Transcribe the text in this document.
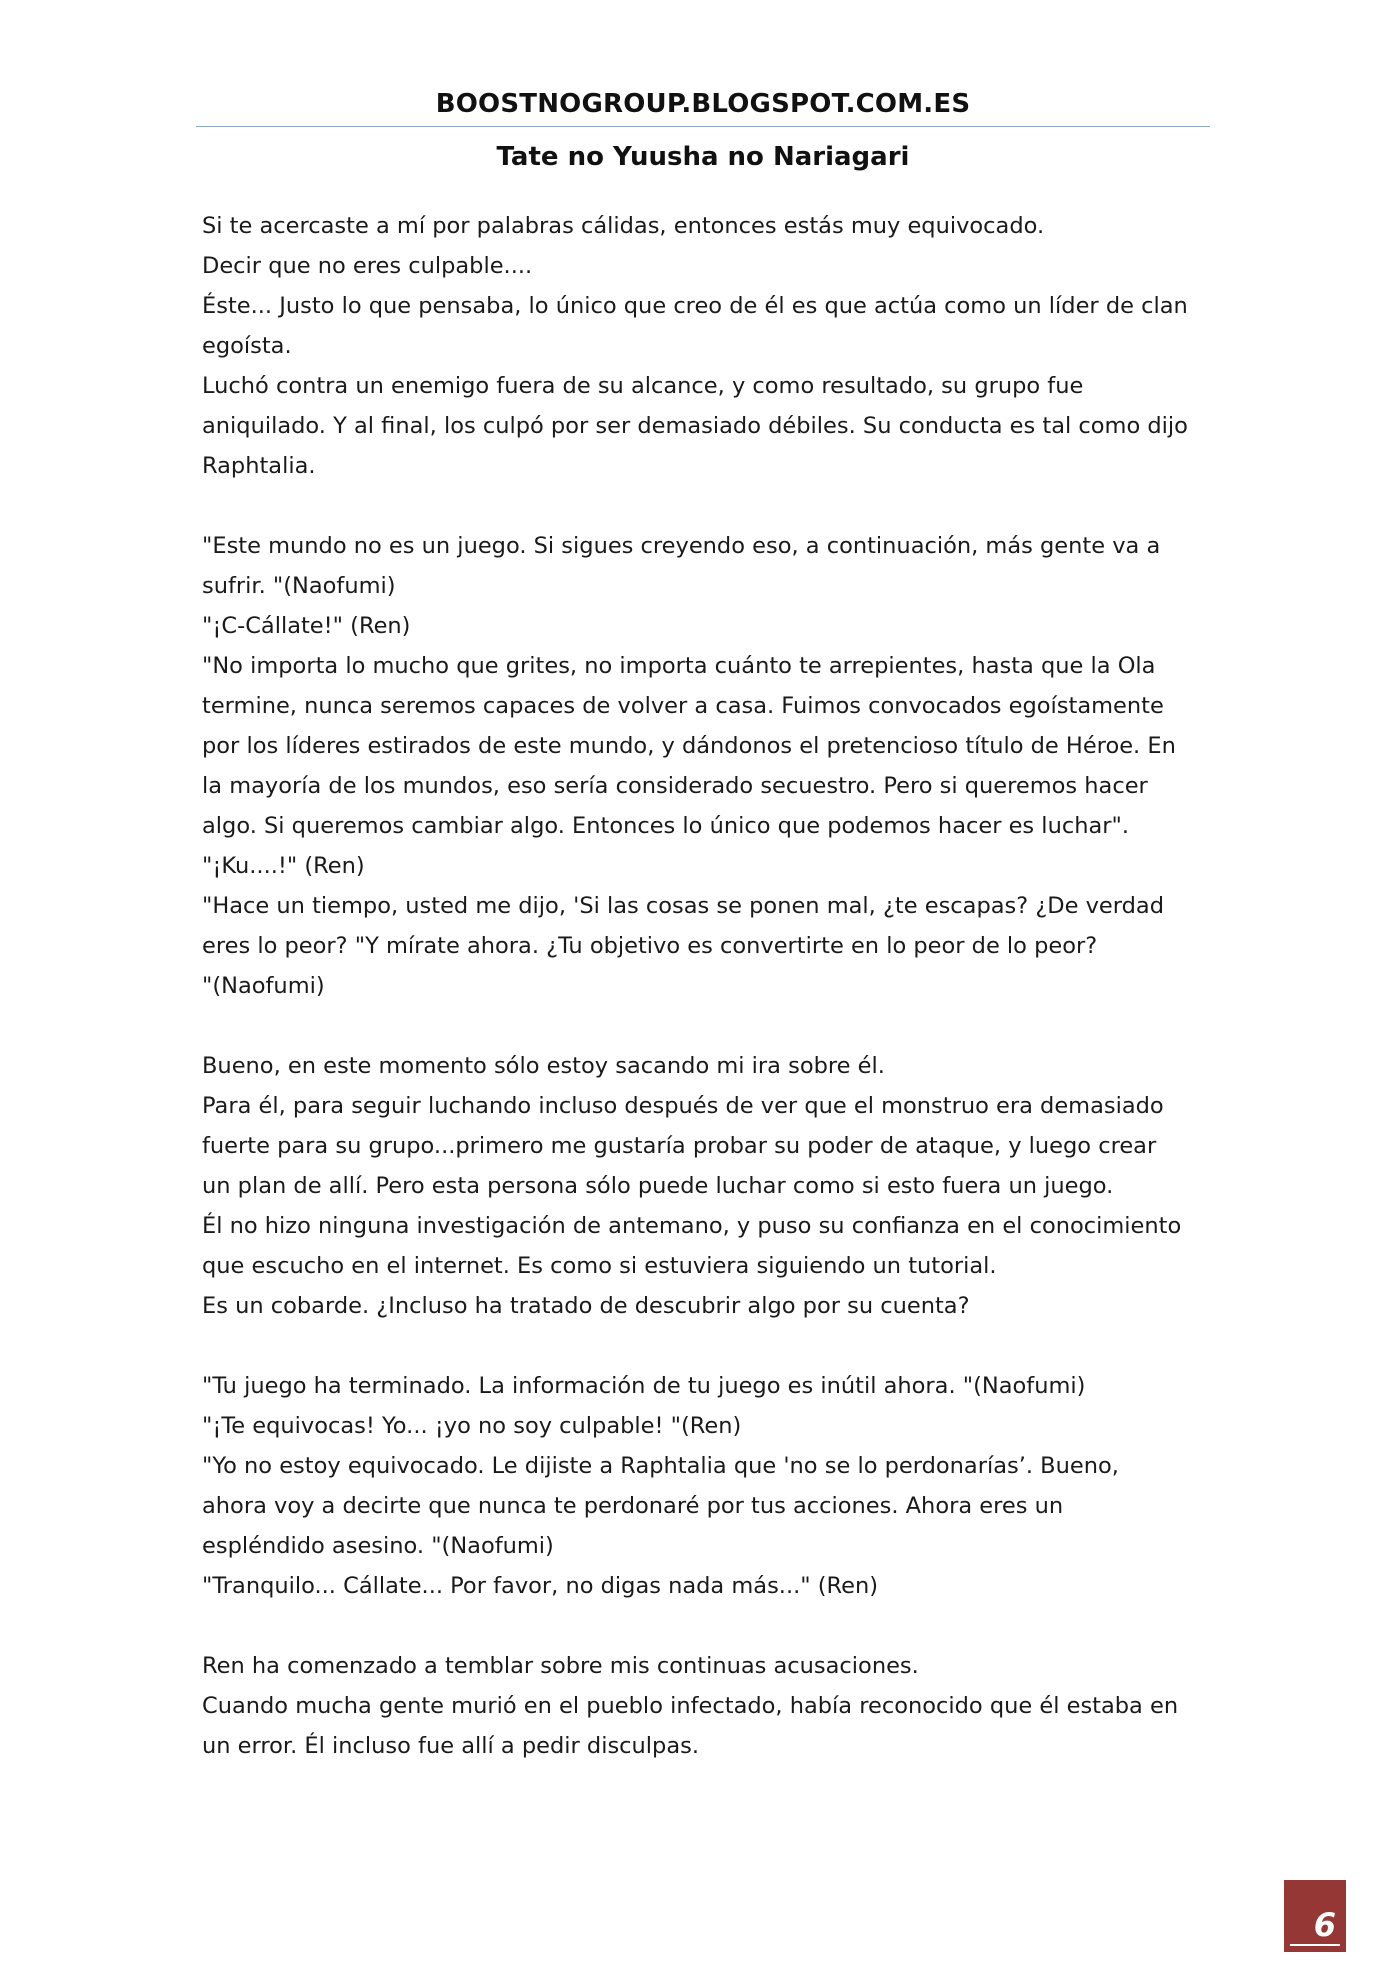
BOOSTNOGROUP.BLOGSPOT.COM.ES
Tate no Yuusha no Nariagari
Si te acercaste a mí por palabras cálidas, entonces estás muy equivocado.
Decir que no eres culpable....
Éste... Justo lo que pensaba, lo único que creo de él es que actúa como un líder de clan
egoísta.
Luchó contra un enemigo fuera de su alcance, y como resultado, su grupo fue
aniquilado. Y al final, los culpó por ser demasiado débiles. Su conducta es tal como dijo
Raphtalia.
"Este mundo no es un juego. Si sigues creyendo eso, a continuación, más gente va a
sufrir. "(Naofumi)
"¡C-Cállate!" (Ren)
"No importa lo mucho que grites, no importa cuánto te arrepientes, hasta que la Ola
termine, nunca seremos capaces de volver a casa. Fuimos convocados egoístamente
por los líderes estirados de este mundo, y dándonos el pretencioso título de Héroe. En
la mayoría de los mundos, eso sería considerado secuestro. Pero si queremos hacer
algo. Si queremos cambiar algo. Entonces lo único que podemos hacer es luchar".
"¡Ku....!" (Ren)
"Hace un tiempo, usted me dijo, 'Si las cosas se ponen mal, ¿te escapas? ¿De verdad
eres lo peor? "Y mírate ahora. ¿Tu objetivo es convertirte en lo peor de lo peor?
"(Naofumi)
Bueno, en este momento sólo estoy sacando mi ira sobre él.
Para él, para seguir luchando incluso después de ver que el monstruo era demasiado
fuerte para su grupo...primero me gustaría probar su poder de ataque, y luego crear
un plan de allí. Pero esta persona sólo puede luchar como si esto fuera un juego.
Él no hizo ninguna investigación de antemano, y puso su confianza en el conocimiento
que escucho en el internet. Es como si estuviera siguiendo un tutorial.
Es un cobarde. ¿Incluso ha tratado de descubrir algo por su cuenta?
"Tu juego ha terminado. La información de tu juego es inútil ahora. "(Naofumi)
"¡Te equivocas! Yo... ¡yo no soy culpable! "(Ren)
"Yo no estoy equivocado. Le dijiste a Raphtalia que 'no se lo perdonarías’. Bueno,
ahora voy a decirte que nunca te perdonaré por tus acciones. Ahora eres un
espléndido asesino. "(Naofumi)
"Tranquilo... Cállate... Por favor, no digas nada más..." (Ren)
Ren ha comenzado a temblar sobre mis continuas acusaciones.
Cuando mucha gente murió en el pueblo infectado, había reconocido que él estaba en
un error. Él incluso fue allí a pedir disculpas.
6
